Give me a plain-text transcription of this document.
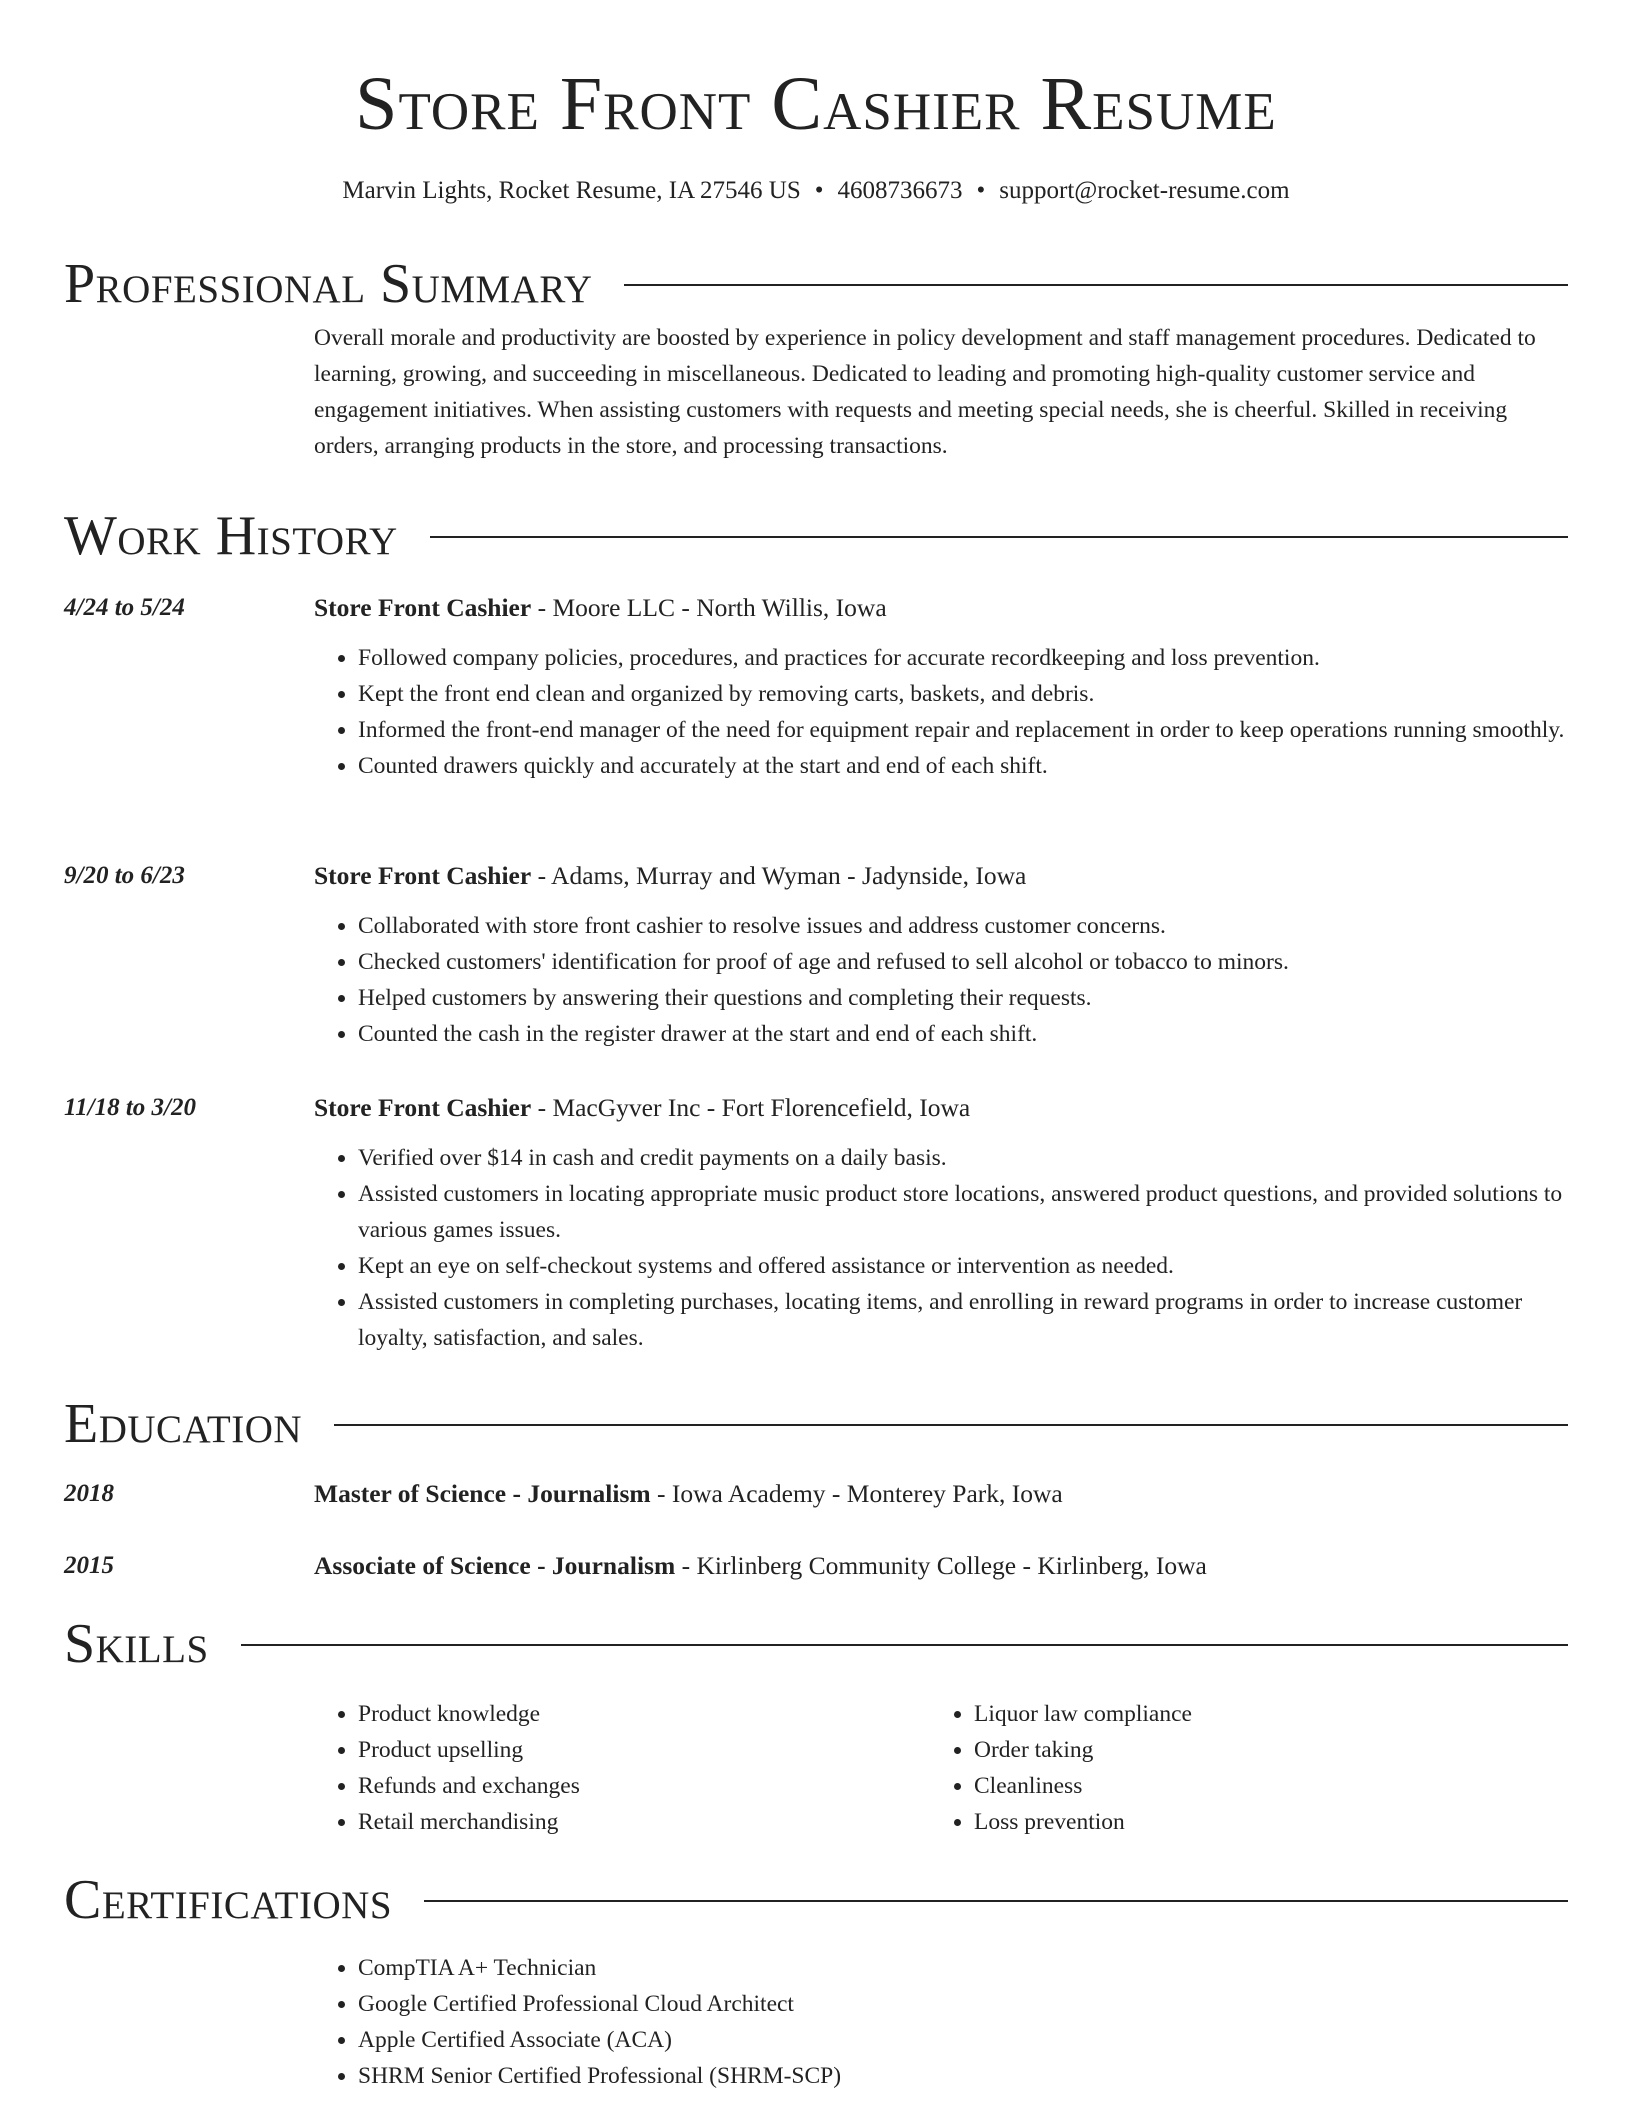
Store Front Cashier Resume
Marvin Lights, Rocket Resume, IA 27546 US • 4608736673 • support@rocket-resume.com
Professional Summary
Overall morale and productivity are boosted by experience in policy development and staff management procedures. Dedicated to learning, growing, and succeeding in miscellaneous. Dedicated to leading and promoting high-quality customer service and engagement initiatives. When assisting customers with requests and meeting special needs, she is cheerful. Skilled in receiving orders, arranging products in the store, and processing transactions.
Work History
4/24 to 5/24	Store Front Cashier - Moore LLC - North Willis, Iowa
• Followed company policies, procedures, and practices for accurate recordkeeping and loss prevention.
• Kept the front end clean and organized by removing carts, baskets, and debris.
• Informed the front-end manager of the need for equipment repair and replacement in order to keep operations running smoothly.
• Counted drawers quickly and accurately at the start and end of each shift.
9/20 to 6/23	Store Front Cashier - Adams, Murray and Wyman - Jadynside, Iowa
• Collaborated with store front cashier to resolve issues and address customer concerns.
• Checked customers' identification for proof of age and refused to sell alcohol or tobacco to minors.
• Helped customers by answering their questions and completing their requests.
• Counted the cash in the register drawer at the start and end of each shift.
11/18 to 3/20	Store Front Cashier - MacGyver Inc - Fort Florencefield, Iowa
• Verified over $14 in cash and credit payments on a daily basis.
• Assisted customers in locating appropriate music product store locations, answered product questions, and provided solutions to various games issues.
• Kept an eye on self-checkout systems and offered assistance or intervention as needed.
• Assisted customers in completing purchases, locating items, and enrolling in reward programs in order to increase customer loyalty, satisfaction, and sales.
Education
2018	Master of Science - Journalism - Iowa Academy - Monterey Park, Iowa
2015	Associate of Science - Journalism - Kirlinberg Community College - Kirlinberg, Iowa
Skills
• Product knowledge
• Product upselling
• Refunds and exchanges
• Retail merchandising
• Liquor law compliance
• Order taking
• Cleanliness
• Loss prevention
Certifications
• CompTIA A+ Technician
• Google Certified Professional Cloud Architect
• Apple Certified Associate (ACA)
• SHRM Senior Certified Professional (SHRM-SCP)
